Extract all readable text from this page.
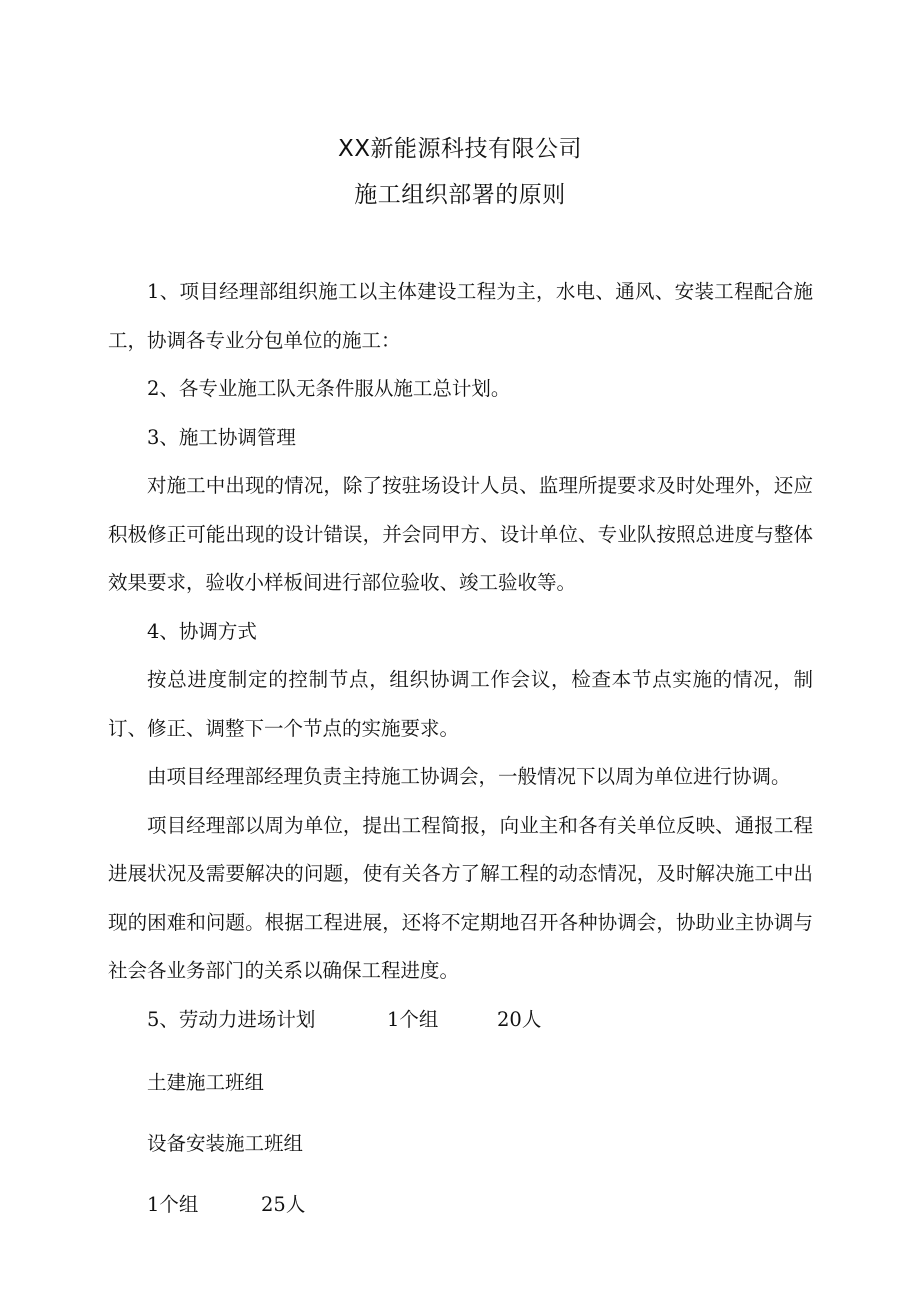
XX新能源科技有限公司
施工组织部署的原则

1、项目经理部组织施工以主体建设工程为主，水电、通风、安装工程配合施工，协调各专业分包单位的施工：

2、各专业施工队无条件服从施工总计划。

3、施工协调管理

对施工中出现的情况，除了按驻场设计人员、监理所提要求及时处理外，还应积极修正可能出现的设计错误，并会同甲方、设计单位、专业队按照总进度与整体效果要求，验收小样板间进行部位验收、竣工验收等。

4、协调方式

按总进度制定的控制节点，组织协调工作会议，检查本节点实施的情况，制订、修正、调整下一个节点的实施要求。

由项目经理部经理负责主持施工协调会，一般情况下以周为单位进行协调。

项目经理部以周为单位，提出工程简报，向业主和各有关单位反映、通报工程进展状况及需要解决的问题，使有关各方了解工程的动态情况，及时解决施工中出现的困难和问题。根据工程进展，还将不定期地召开各种协调会，协助业主协调与社会各业务部门的关系以确保工程进度。

5、劳动力进场计划	1个组	20人
土建施工班组
设备安装施工班组
1个组	25人
